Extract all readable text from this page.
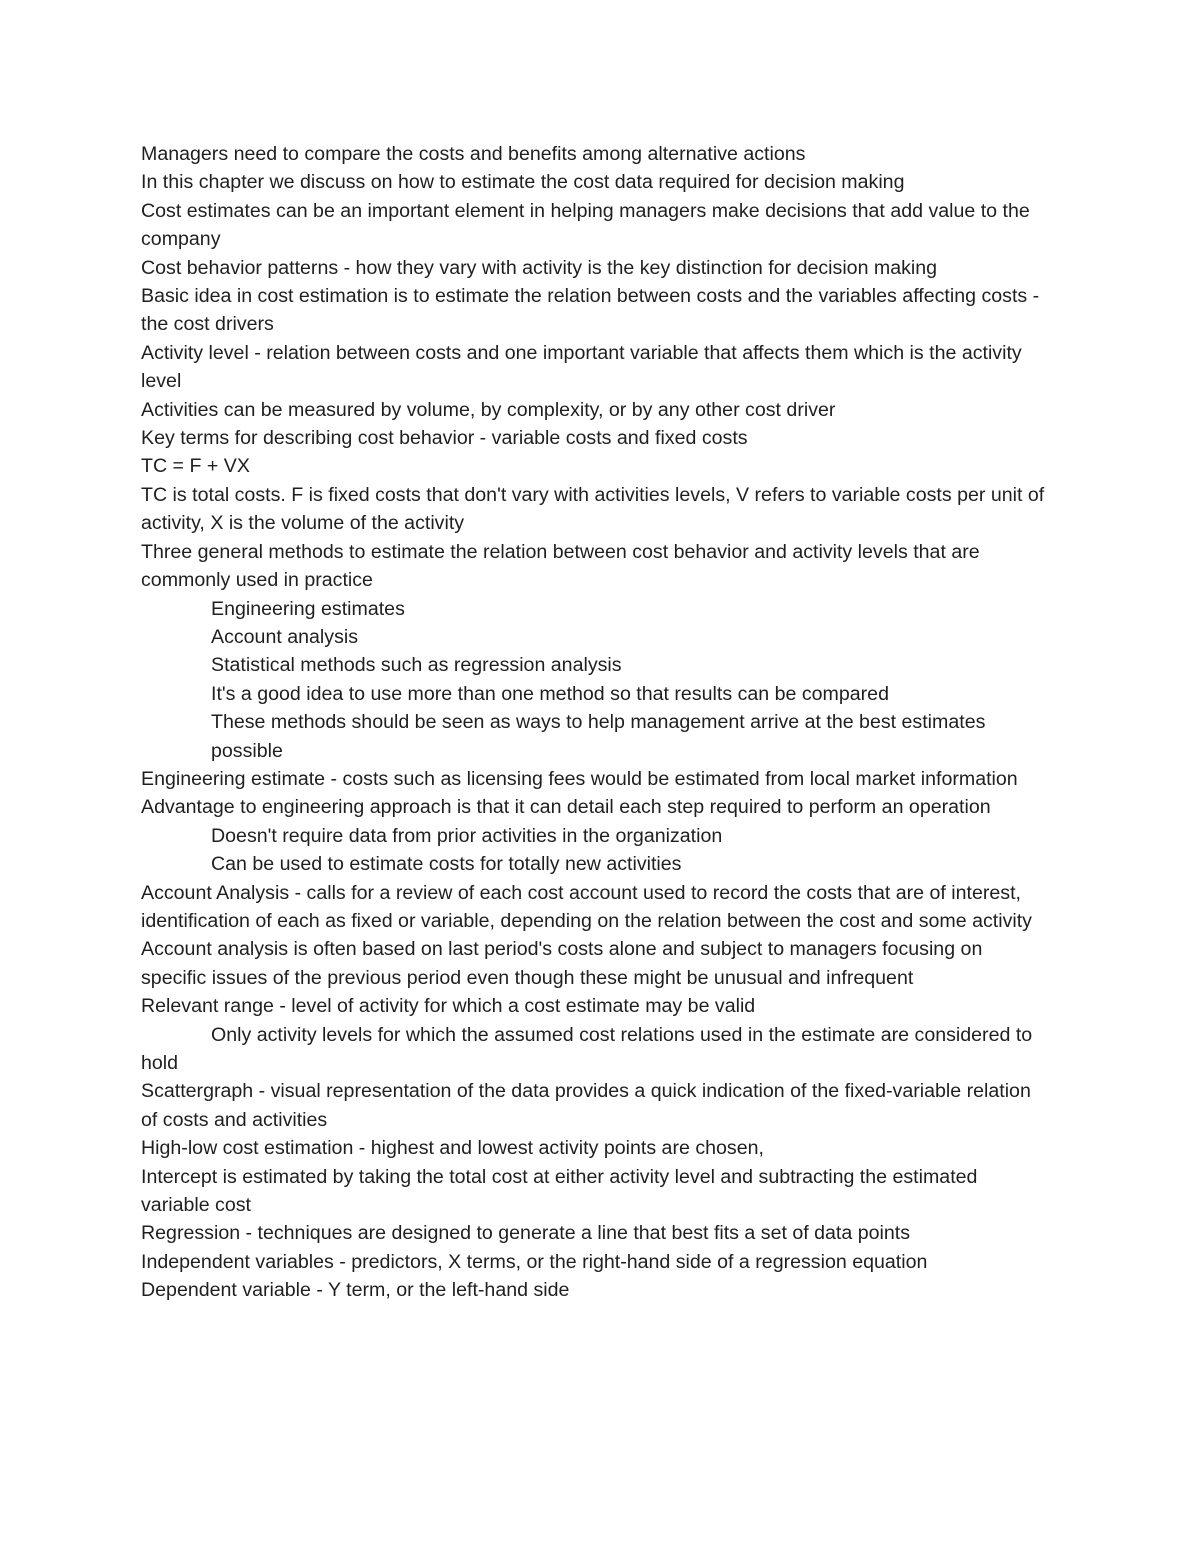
Managers need to compare the costs and benefits among alternative actions

In this chapter we discuss on how to estimate the cost data required for decision making

Cost estimates can be an important element in helping managers make decisions that add value to the company

Cost behavior patterns - how they vary with activity is the key distinction for decision making

Basic idea in cost estimation is to estimate the relation between costs and the variables affecting costs - the cost drivers

Activity level - relation between costs and one important variable that affects them which is the activity level

Activities can be measured by volume, by complexity, or by any other cost driver

Key terms for describing cost behavior - variable costs and fixed costs

TC = F + VX

TC is total costs. F is fixed costs that don't vary with activities levels, V refers to variable costs per unit of activity, X is the volume of the activity

Three general methods to estimate the relation between cost behavior and activity levels that are commonly used in practice

Engineering estimates

Account analysis

Statistical methods such as regression analysis

It's a good idea to use more than one method so that results can be compared

These methods should be seen as ways to help management arrive at the best estimates possible

Engineering estimate - costs such as licensing fees would be estimated from local market information

Advantage to engineering approach is that it can detail each step required to perform an operation

Doesn't require data from prior activities in the organization

Can be used to estimate costs for totally new activities

Account Analysis - calls for a review of each cost account used to record the costs that are of interest, identification of each as fixed or variable, depending on the relation between the cost and some activity

Account analysis is often based on last period's costs alone and subject to managers focusing on specific issues of the previous period even though these might be unusual and infrequent

Relevant range - level of activity for which a cost estimate may be valid

Only activity levels for which the assumed cost relations used in the estimate are considered to hold

Scattergraph - visual representation of the data provides a quick indication of the fixed-variable relation of costs and activities

High-low cost estimation - highest and lowest activity points are chosen,

Intercept is estimated by taking the total cost at either activity level and subtracting the estimated variable cost

Regression - techniques are designed to generate a line that best fits a set of data points

Independent variables - predictors, X terms, or the right-hand side of a regression equation

Dependent variable - Y term, or the left-hand side
